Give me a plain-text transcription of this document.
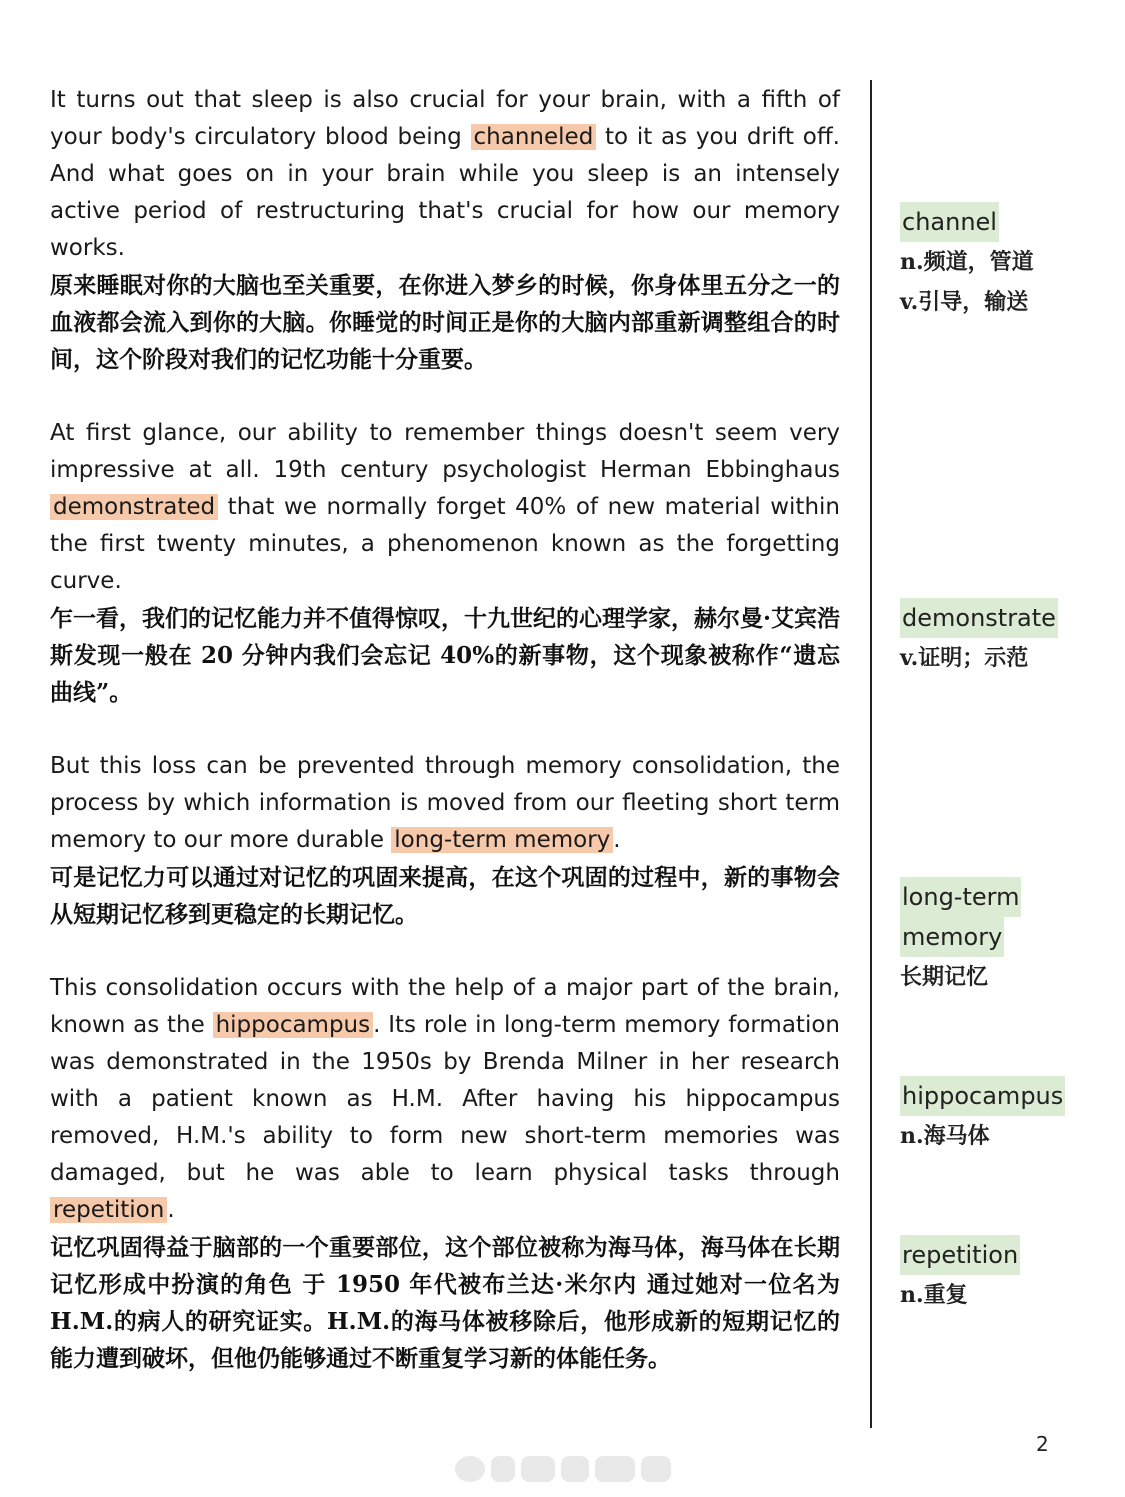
It turns out that sleep is also crucial for your brain, with a fifth of your body's circulatory blood being channeled to it as you drift off. And what goes on in your brain while you sleep is an intensely active period of restructuring that's crucial for how our memory works.

原来睡眠对你的大脑也至关重要，在你进入梦乡的时候，你身体里五分之一的血液都会流入到你的大脑。你睡觉的时间正是你的大脑内部重新调整组合的时间，这个阶段对我们的记忆功能十分重要。

At first glance, our ability to remember things doesn't seem very impressive at all. 19th century psychologist Herman Ebbinghaus demonstrated that we normally forget 40% of new material within the first twenty minutes, a phenomenon known as the forgetting curve.

乍一看，我们的记忆能力并不值得惊叹，十九世纪的心理学家，赫尔曼·艾宾浩斯发现一般在 20 分钟内我们会忘记 40%的新事物，这个现象被称作“遗忘曲线”。

But this loss can be prevented through memory consolidation, the process by which information is moved from our fleeting short term memory to our more durable long-term memory .

可是记忆力可以通过对记忆的巩固来提高，在这个巩固的过程中，新的事物会从短期记忆移到更稳定的长期记忆。

This consolidation occurs with the help of a major part of the brain, known as the hippocampus . Its role in long-term memory formation was demonstrated in the 1950s by Brenda Milner in her research with a patient known as H.M. After having his hippocampus removed, H.M.'s ability to form new short-term memories was damaged, but he was able to learn physical tasks through repetition .

记忆巩固得益于脑部的一个重要部位，这个部位被称为海马体，海马体在长期记忆形成中扮演的角色 于 1950 年代被布兰达·米尔内 通过她对一位名为 H.M.的病人的研究证实。H.M.的海马体被移除后，他形成新的短期记忆的能力遭到破坏，但他仍能够通过不断重复学习新的体能任务。

channel
n.频道，管道
v.引导，输送
demonstrate
v.证明；示范
long-term
memory
长期记忆
hippocampus
n.海马体
repetition
n.重复
2
